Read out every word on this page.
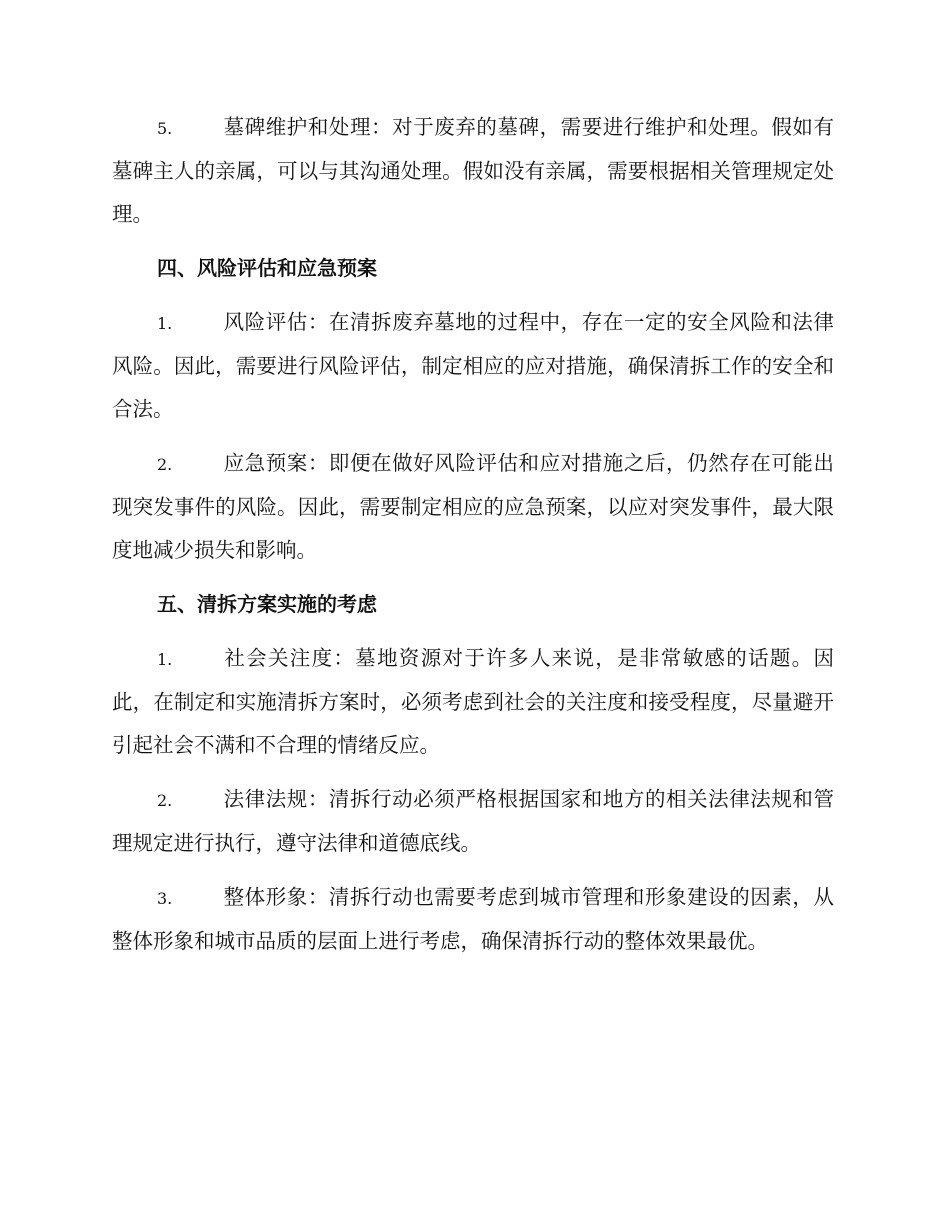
5. 墓碑维护和处理：对于废弃的墓碑，需要进行维护和处理。假如有墓碑主人的亲属，可以与其沟通处理。假如没有亲属，需要根据相关管理规定处理。

四、风险评估和应急预案

1. 风险评估：在清拆废弃墓地的过程中，存在一定的安全风险和法律风险。因此，需要进行风险评估，制定相应的应对措施，确保清拆工作的安全和合法。

2. 应急预案：即便在做好风险评估和应对措施之后，仍然存在可能出现突发事件的风险。因此，需要制定相应的应急预案，以应对突发事件，最大限度地减少损失和影响。

五、清拆方案实施的考虑

1. 社会关注度：墓地资源对于许多人来说，是非常敏感的话题。因此，在制定和实施清拆方案时，必须考虑到社会的关注度和接受程度，尽量避开引起社会不满和不合理的情绪反应。

2. 法律法规：清拆行动必须严格根据国家和地方的相关法律法规和管理规定进行执行，遵守法律和道德底线。

3. 整体形象：清拆行动也需要考虑到城市管理和形象建设的因素，从整体形象和城市品质的层面上进行考虑，确保清拆行动的整体效果最优。
